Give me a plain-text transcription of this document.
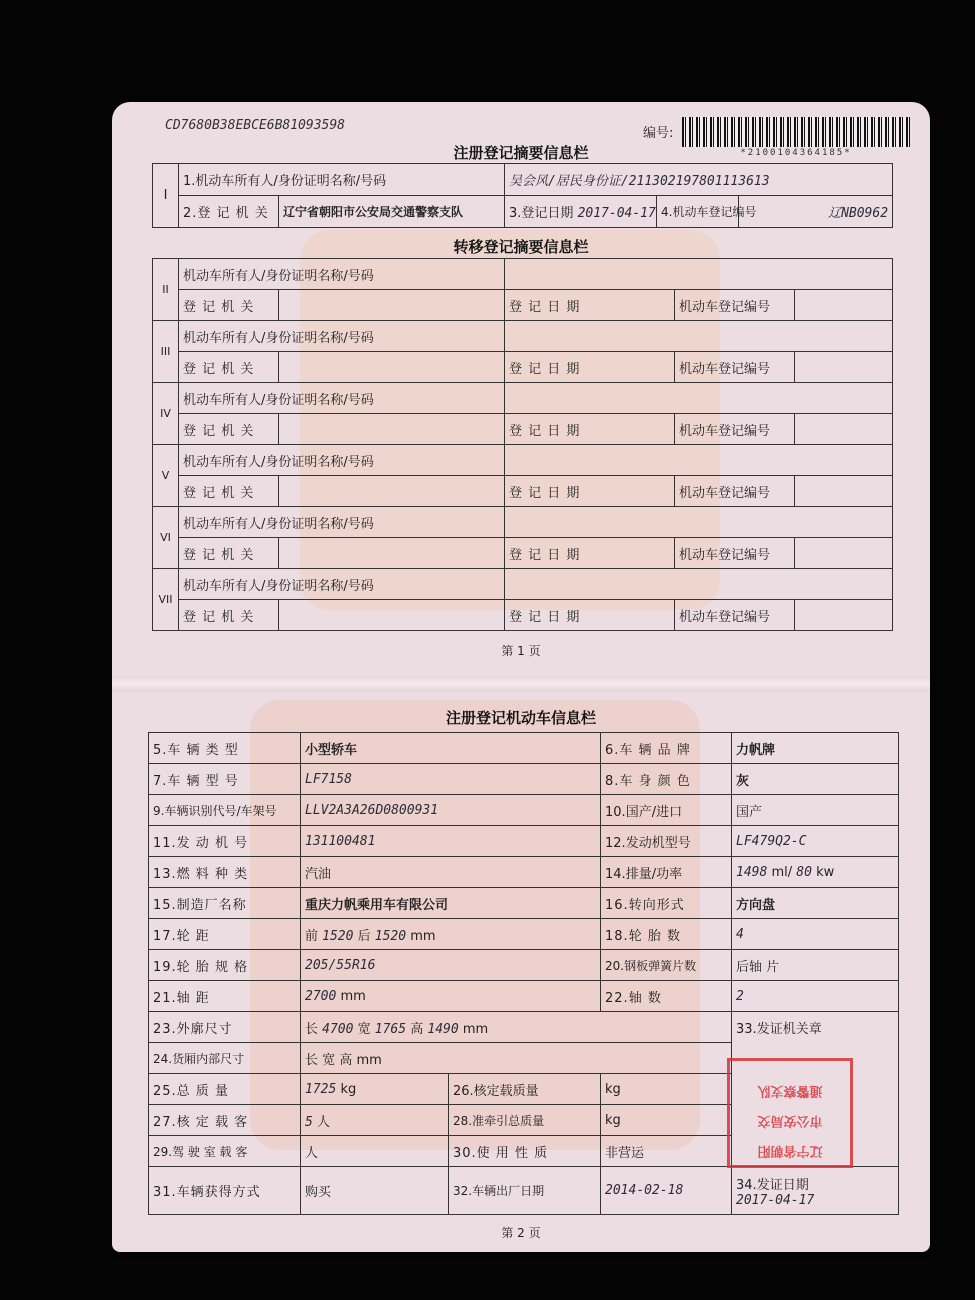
CD7680B38EBCE6B81093598
编号:
*2100104364185*
注册登记摘要信息栏
I	1.机动车所有人/身份证明名称/号码		吴会风/居民身份证/211302197801113613		
	2.登 记 机 关	辽宁省朝阳市公安局交通警察支队	3.登记日期 2017-04-17	4.机动车登记编号	辽NB0962
转移登记摘要信息栏
II	机动车所有人/身份证明名称/号码				
	登 记 机 关		登 记 日 期	机动车登记编号	
III	机动车所有人/身份证明名称/号码				
	登 记 机 关		登 记 日 期	机动车登记编号	
IV	机动车所有人/身份证明名称/号码				
	登 记 机 关		登 记 日 期	机动车登记编号	
V	机动车所有人/身份证明名称/号码				
	登 记 机 关		登 记 日 期	机动车登记编号	
VI	机动车所有人/身份证明名称/号码				
	登 记 机 关		登 记 日 期	机动车登记编号	
VII	机动车所有人/身份证明名称/号码				
	登 记 机 关		登 记 日 期	机动车登记编号	
第 1 页
注册登记机动车信息栏
5.车 辆 类 型	小型轿车		6.车 辆 品 牌	力帆牌
7.车 辆 型 号	LF7158		8.车 身 颜 色	灰
9.车辆识别代号/车架号	LLV2A3A26D0800931		10.国产/进口	国产
11.发 动 机 号	131100481		12.发动机型号	LF479Q2-C
13.燃 料 种 类	汽油		14.排量/功率	1498 ml/ 80 kw
15.制造厂名称	重庆力帆乘用车有限公司		16.转向形式	方向盘
17.轮 距	前 1520 后 1520 mm		18.轮 胎 数	4
19.轮 胎 规 格	205/55R16		20.钢板弹簧片数	后轴 片
21.轴 距	2700 mm		22.轴 数	2
23.外廓尺寸	长 4700 宽 1765 高 1490 mm			33.发证机关章
24.货厢内部尺寸	长 宽 高 mm			
25.总 质 量	1725 kg	26.核定载质量	kg	
27.核 定 载 客	5 人	28.准牵引总质量	kg	
29.驾 驶 室 载 客	人	30.使 用 性 质	非营运	
31.车辆获得方式	购买	32.车辆出厂日期	2014-02-18	34.发证日期
2017-04-17
辽宁省朝阳
市公安局交
通警察支队
第 2 页
